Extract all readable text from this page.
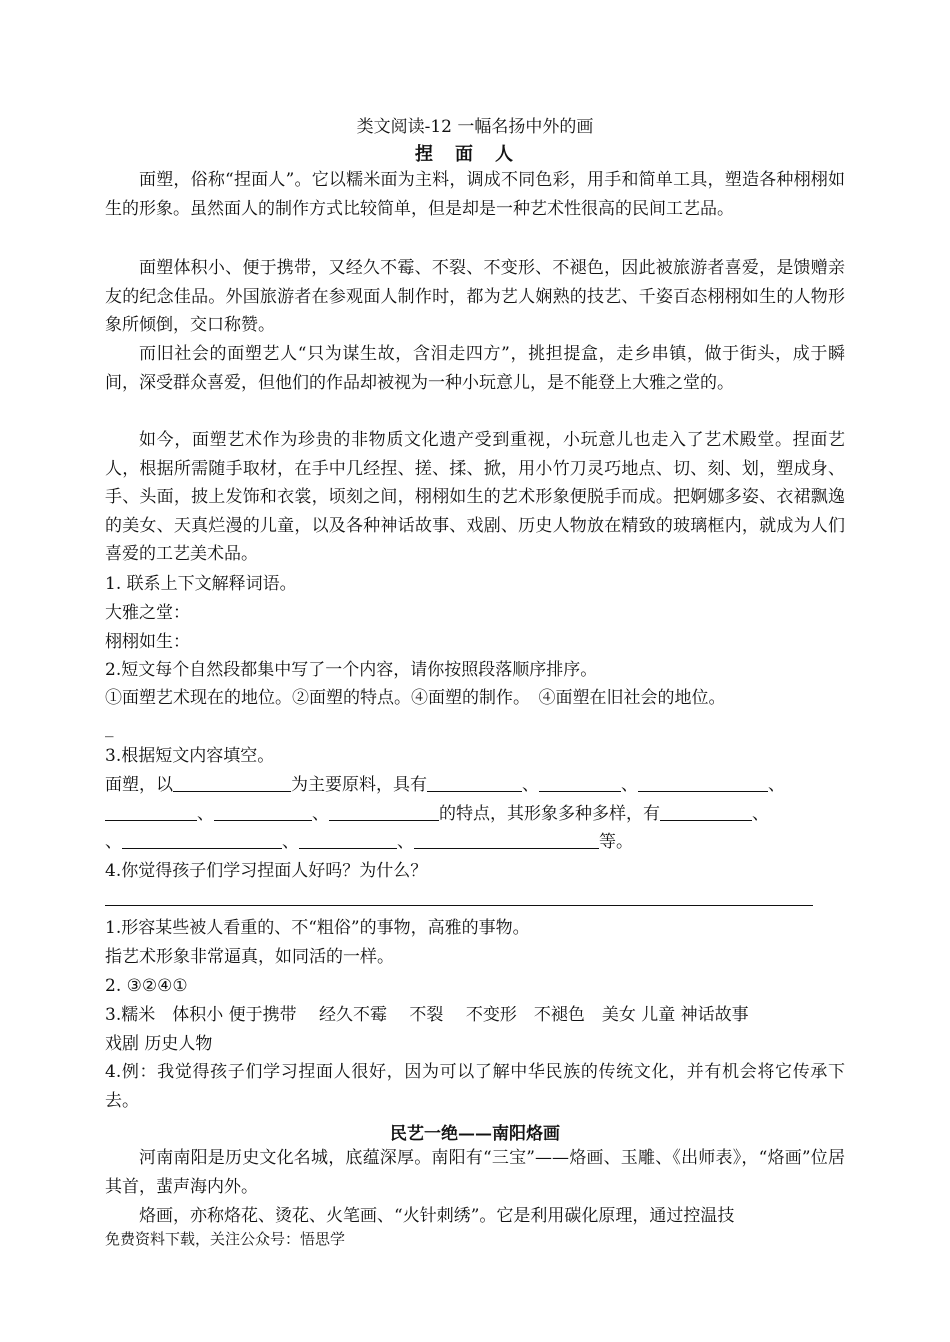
类文阅读-12 一幅名扬中外的画
捏面人
面塑，俗称“捏面人”。它以糯米面为主料，调成不同色彩，用手和简单工具，塑造各种栩栩如生的形象。虽然面人的制作方式比较简单，但是却是一种艺术性很高的民间工艺品。
面塑体积小、便于携带，又经久不霉、不裂、不变形、不褪色，因此被旅游者喜爱，是馈赠亲友的纪念佳品。外国旅游者在参观面人制作时，都为艺人娴熟的技艺、千姿百态栩栩如生的人物形象所倾倒，交口称赞。
而旧社会的面塑艺人“只为谋生故，含泪走四方”，挑担提盒，走乡串镇，做于街头，成于瞬间，深受群众喜爱，但他们的作品却被视为一种小玩意儿，是不能登上大雅之堂的。
如今，面塑艺术作为珍贵的非物质文化遗产受到重视，小玩意儿也走入了艺术殿堂。捏面艺人，根据所需随手取材，在手中几经捏、搓、揉、掀，用小竹刀灵巧地点、切、刻、划，塑成身、手、头面，披上发饰和衣裳，顷刻之间，栩栩如生的艺术形象便脱手而成。把婀娜多姿、衣裙飘逸的美女、天真烂漫的儿童，以及各种神话故事、戏剧、历史人物放在精致的玻璃框内，就成为人们喜爱的工艺美术品。
1. 联系上下文解释词语。
大雅之堂：
栩栩如生：
2.短文每个自然段都集中写了一个内容，请你按照段落顺序排序。
①面塑艺术现在的地位。②面塑的特点。④面塑的制作。　④面塑在旧社会的地位。
_
3.根据短文内容填空。
面塑，以	为主要原料，具有	、	、	、
、	、	的特点，其形象多种多样，有	、
、	、	、	等。
4.你觉得孩子们学习捏面人好吗？为什么？
1.形容某些被人看重的、不“粗俗”的事物，高雅的事物。
指艺术形象非常逼真，如同活的一样。
2. ③②④①
3.糯米　体积小 便于携带　 经久不霉　 不裂　 不变形　不褪色　美女 儿童 神话故事
戏剧 历史人物
4.例：我觉得孩子们学习捏面人很好，因为可以了解中华民族的传统文化，并有机会将它传承下去。
民艺一绝——南阳烙画
河南南阳是历史文化名城，底蕴深厚。南阳有“三宝”——烙画、玉雕、《出师表》，“烙画”位居其首，蜚声海内外。
烙画，亦称烙花、烫花、火笔画、“火针刺绣”。它是利用碳化原理，通过控温技
免费资料下载，关注公众号：悟思学
